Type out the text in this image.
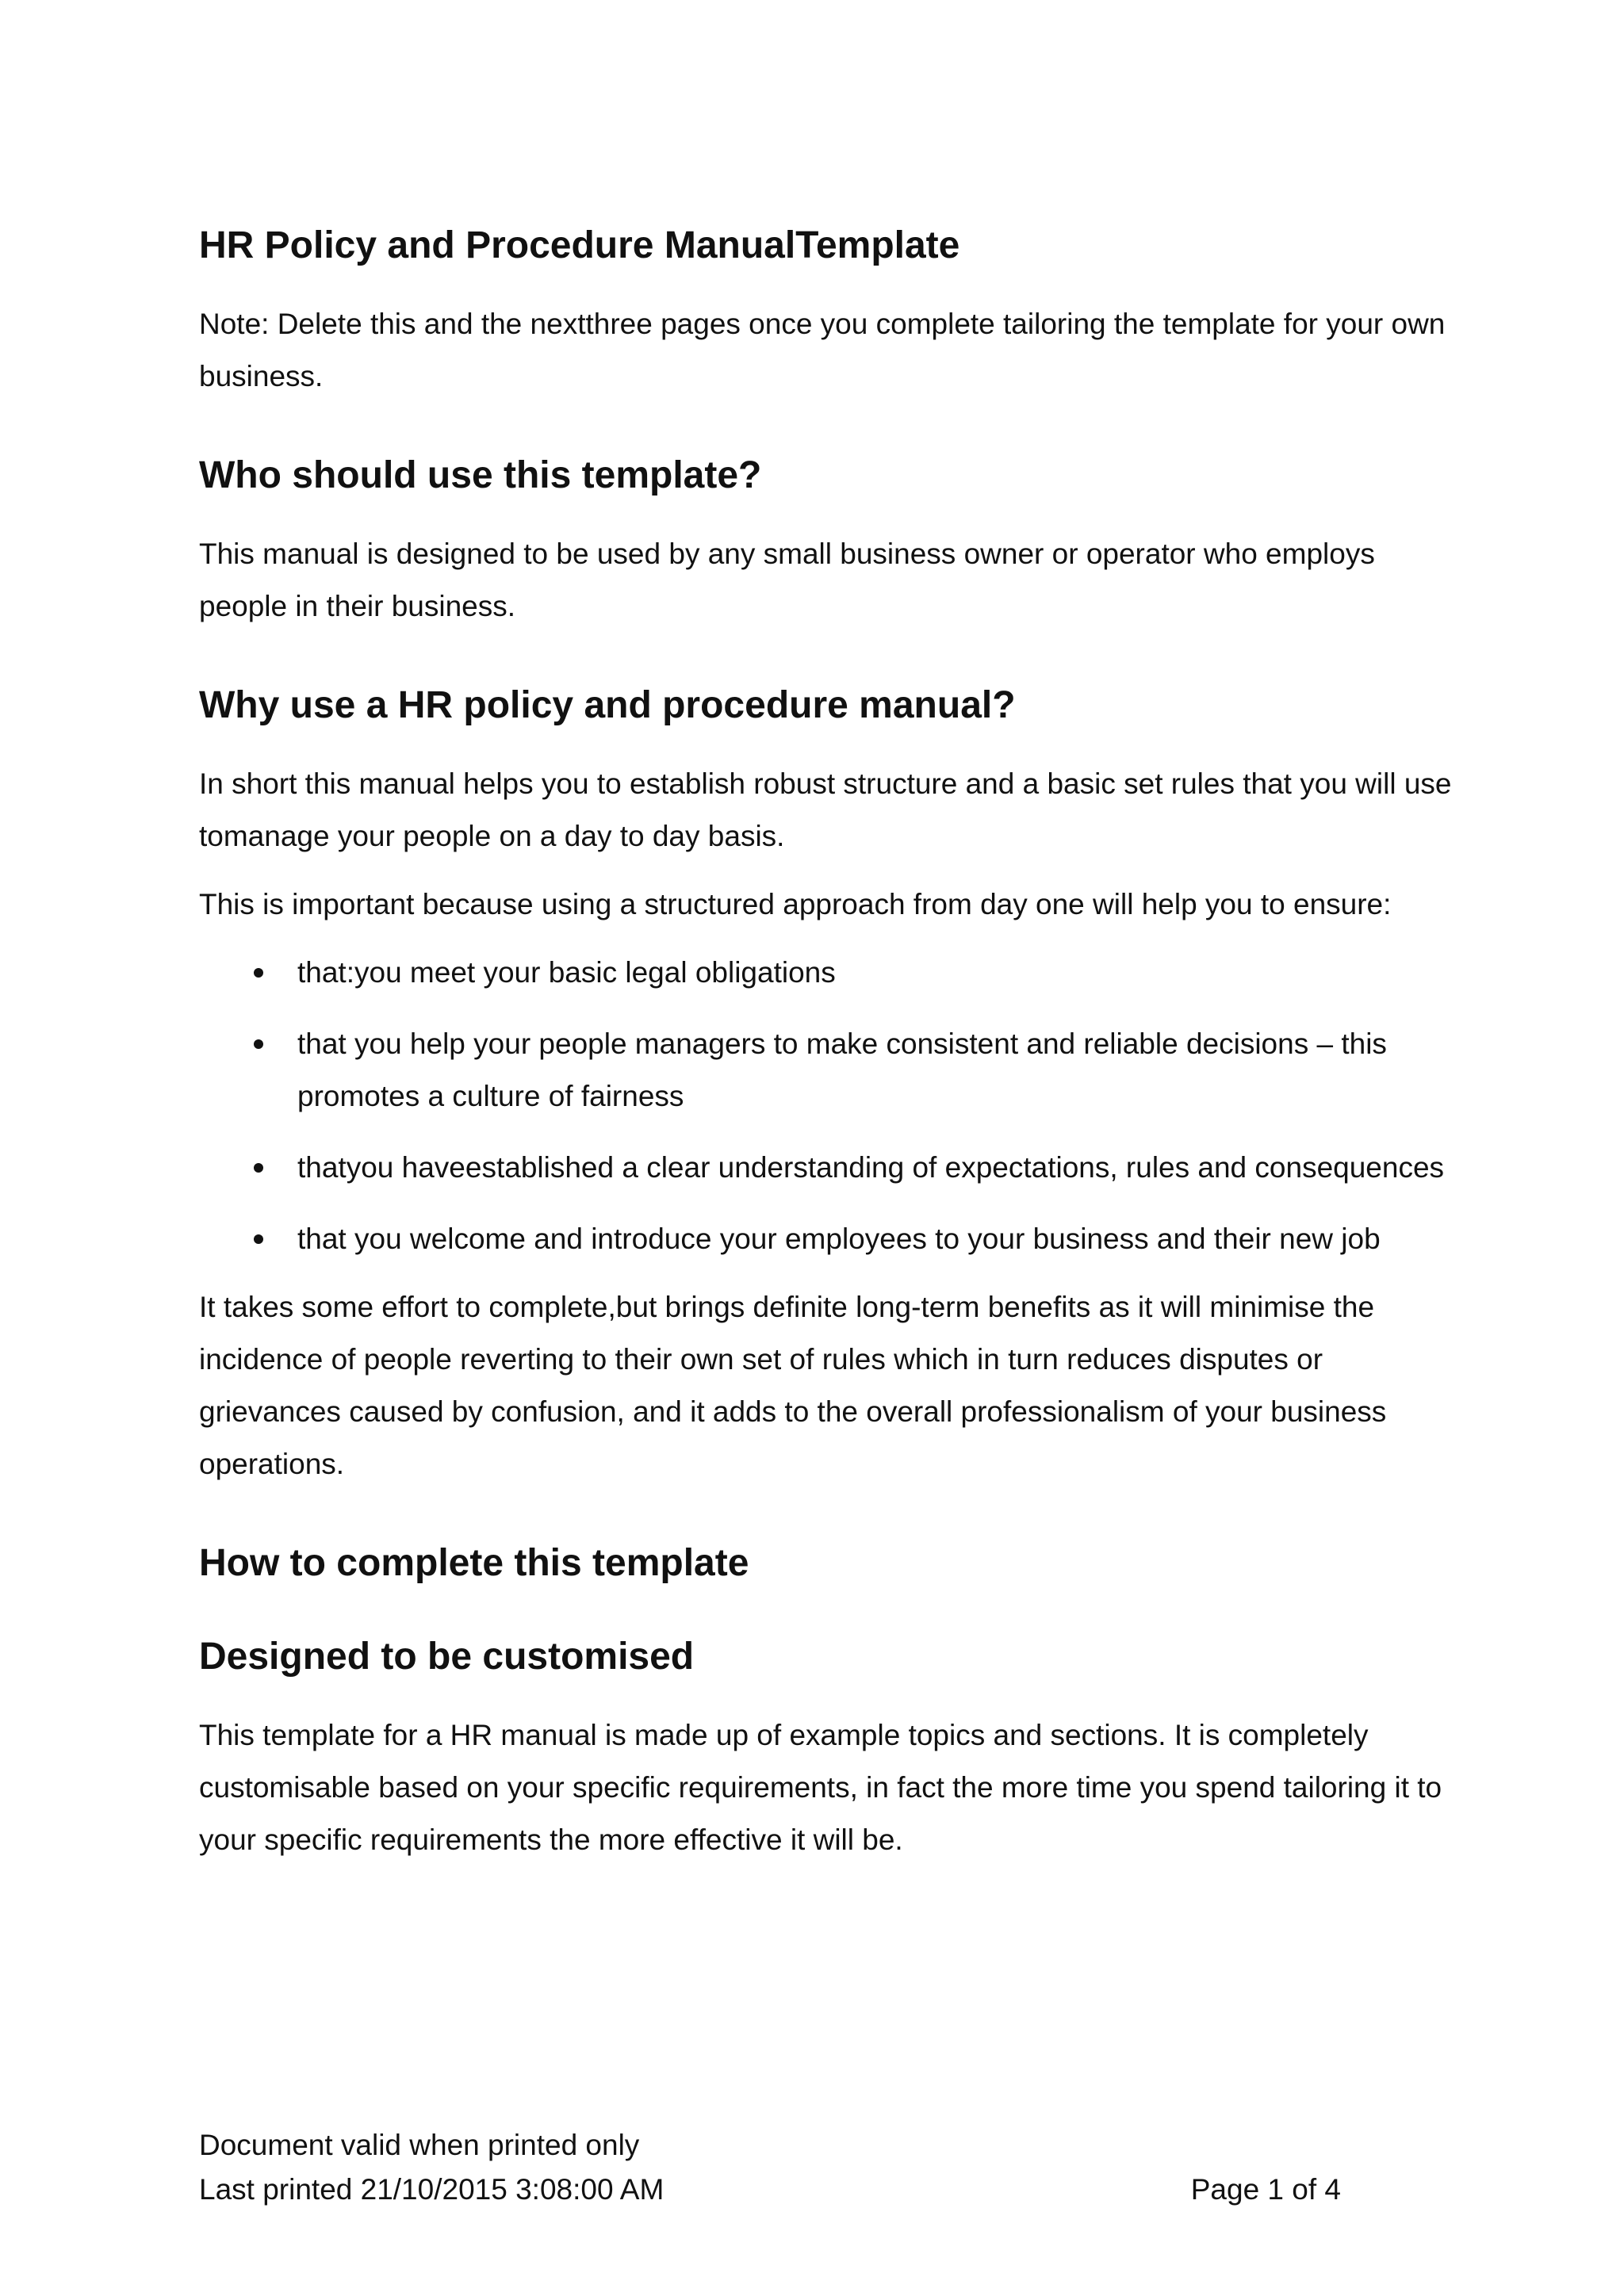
HR Policy and Procedure ManualTemplate

Note: Delete this and the nextthree pages once you complete tailoring the template for your own business.

Who should use this template?

This manual is designed to be used by any small business owner or operator who employs people in their business.

Why use a HR policy and procedure manual?

In short this manual helps you to establish robust structure and a basic set rules that you will use tomanage your people on a day to day basis.

This is important because using a structured approach from day one will help you to ensure:

that:you meet your basic legal obligations
that you help your people managers to make consistent and reliable decisions – this promotes a culture of fairness
thatyou haveestablished a clear understanding of expectations, rules and consequences
that you welcome and introduce your employees to your business and their new job

It takes some effort to complete,but brings definite long-term benefits as it will minimise the incidence of people reverting to their own set of rules which in turn reduces disputes or grievances caused by confusion, and it adds to the overall professionalism of your business operations.

How to complete this template
Designed to be customised

This template for a HR manual is made up of example topics and sections. It is completely customisable based on your specific requirements, in fact the more time you spend tailoring it to your specific requirements the more effective it will be.

Document valid when printed only
Last printed 21/10/2015 3:08:00 AM	Page 1 of 4
